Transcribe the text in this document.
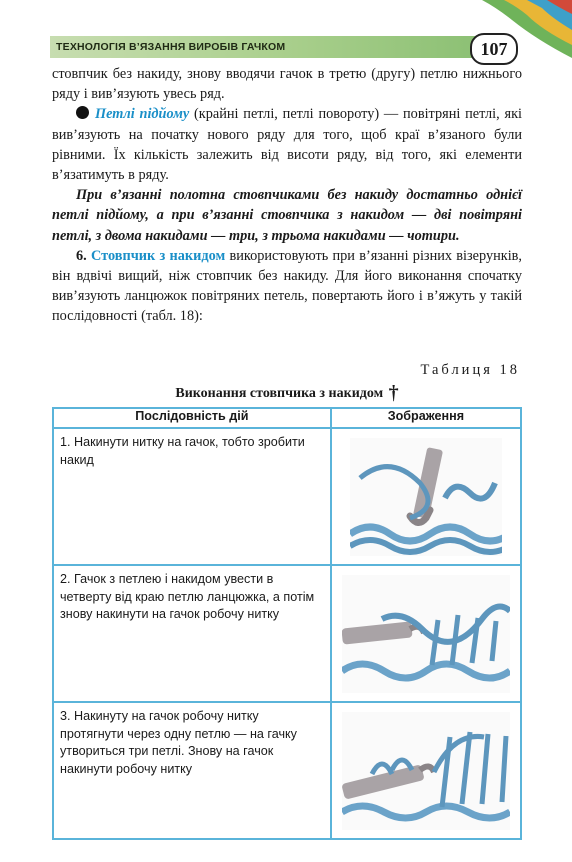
ТЕХНОЛОГІЯ В’ЯЗАННЯ ВИРОБІВ ГАЧКОМ	107

стовпчик без накиду, знову вводячи гачок в третю (другу) петлю нижнього ряду і вив’язують увесь ряд.

Петлі підйому (крайні петлі, петлі повороту) — повітряні петлі, які вив’язують на початку нового ряду для того, щоб краї в’язаного були рівними. Їх кількість залежить від висоти ряду, від того, які елементи в’язатимуть в ряду.

При в’язанні полотна стовпчиками без накиду достатньо однієї петлі підйому, а при в’язанні стовпчика з накидом — дві повітряні петлі, з двома накидами — три, з трьома накидами — чотири.

6. Стовпчик з накидом використовують при в’язанні різних візерунків, він вдвічі вищий, ніж стовпчик без накиду. Для його виконання спочатку вив’язують ланцюжок повітряних петель, повертають його і в’яжуть у такій послідовності (табл. 18):

Таблиця 18
Виконання стовпчика з накидом †
Послідовність дій	Зображення
1. Накинути нитку на гачок, тобто зробити накид	

2. Гачок з петлею і накидом увести в четверту від краю петлю ланцюжка, а потім знову накинути на гачок робочу нитку	

3. Накинуту на гачок робочу нитку протягнути через одну петлю — на гачку утвориться три петлі. Знову на гачок накинути робочу нитку	
